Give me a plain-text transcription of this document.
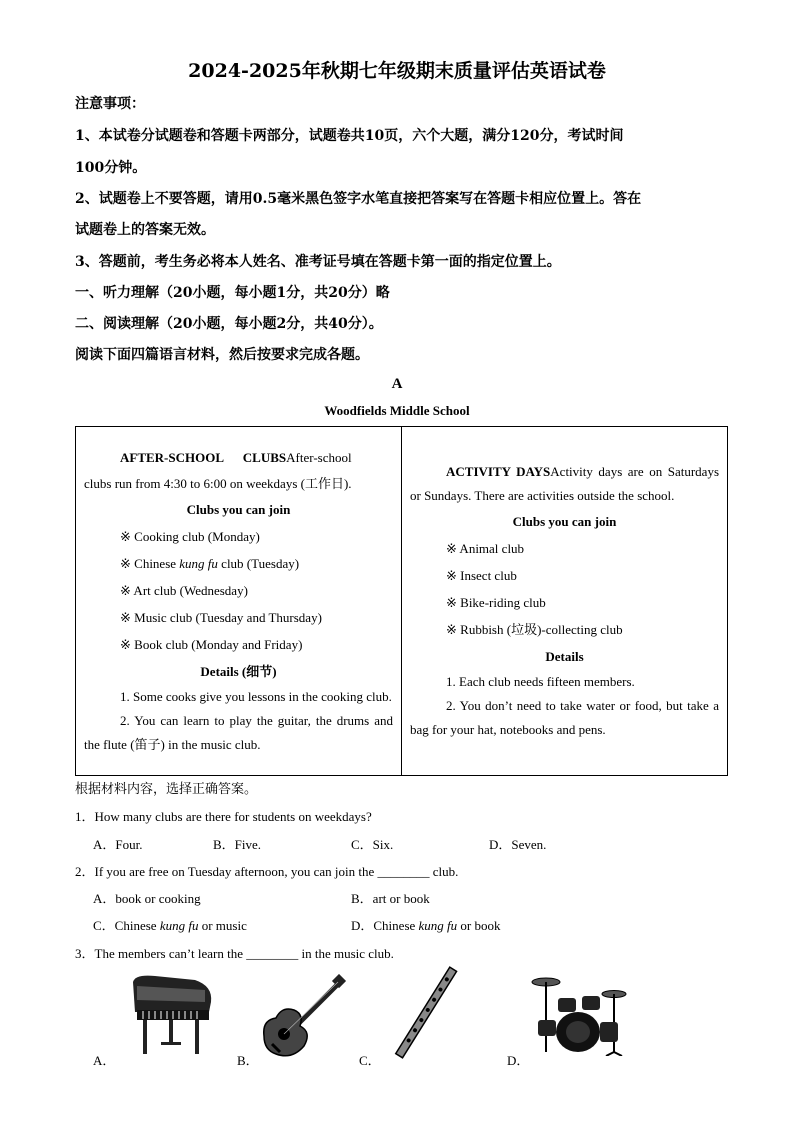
2024-2025年秋期七年级期末质量评估英语试卷
注意事项：
1、本试卷分试题卷和答题卡两部分，试题卷共10页，六个大题，满分120分，考试时间
100分钟。
2、试题卷上不要答题，请用0.5毫米黑色签字水笔直接把答案写在答题卡相应位置上。答在
试题卷上的答案无效。
3、答题前，考生务必将本人姓名、准考证号填在答题卡第一面的指定位置上。
一、听力理解（20小题，每小题1分，共20分）略
二、阅读理解（20小题，每小题2分，共40分）。
阅读下面四篇语言材料，然后按要求完成各题。
A
Woodfields Middle School
AFTER-SCHOOL      CLUBSAfter-school
clubs run from 4:30 to 6:00 on weekdays (工作日).
Clubs you can join
※ Cooking club (Monday)
※ Chinese kung fu club (Tuesday)
※ Art club (Wednesday)
※ Music club (Tuesday and Thursday)
※ Book club (Monday and Friday)
Details (细节)
1. Some cooks give you lessons in the cooking club.
2. You can learn to play the guitar, the drums and the flute (笛子) in the music club.

ACTIVITY DAYSActivity days are on Saturdays or Sundays. There are activities outside the school.
Clubs you can join
※ Animal club
※ Insect club
※ Bike-riding club
※ Rubbish (垃圾)-collecting club
Details
1. Each club needs fifteen members.
2. You don’t need to take water or food, but take a bag for your hat, notebooks and pens.
根据材料内容，选择正确答案。
1．How many clubs are there for students on weekdays?
A．Four.	B．Five.	C．Six.	D．Seven.
2．If you are free on Tuesday afternoon, you can join the ________ club.
A．book or cooking	B．art or book
C．Chinese kung fu or music	D．Chinese kung fu or book
3．The members can’t learn the ________ in the music club.
A．	B．	C．	D．
